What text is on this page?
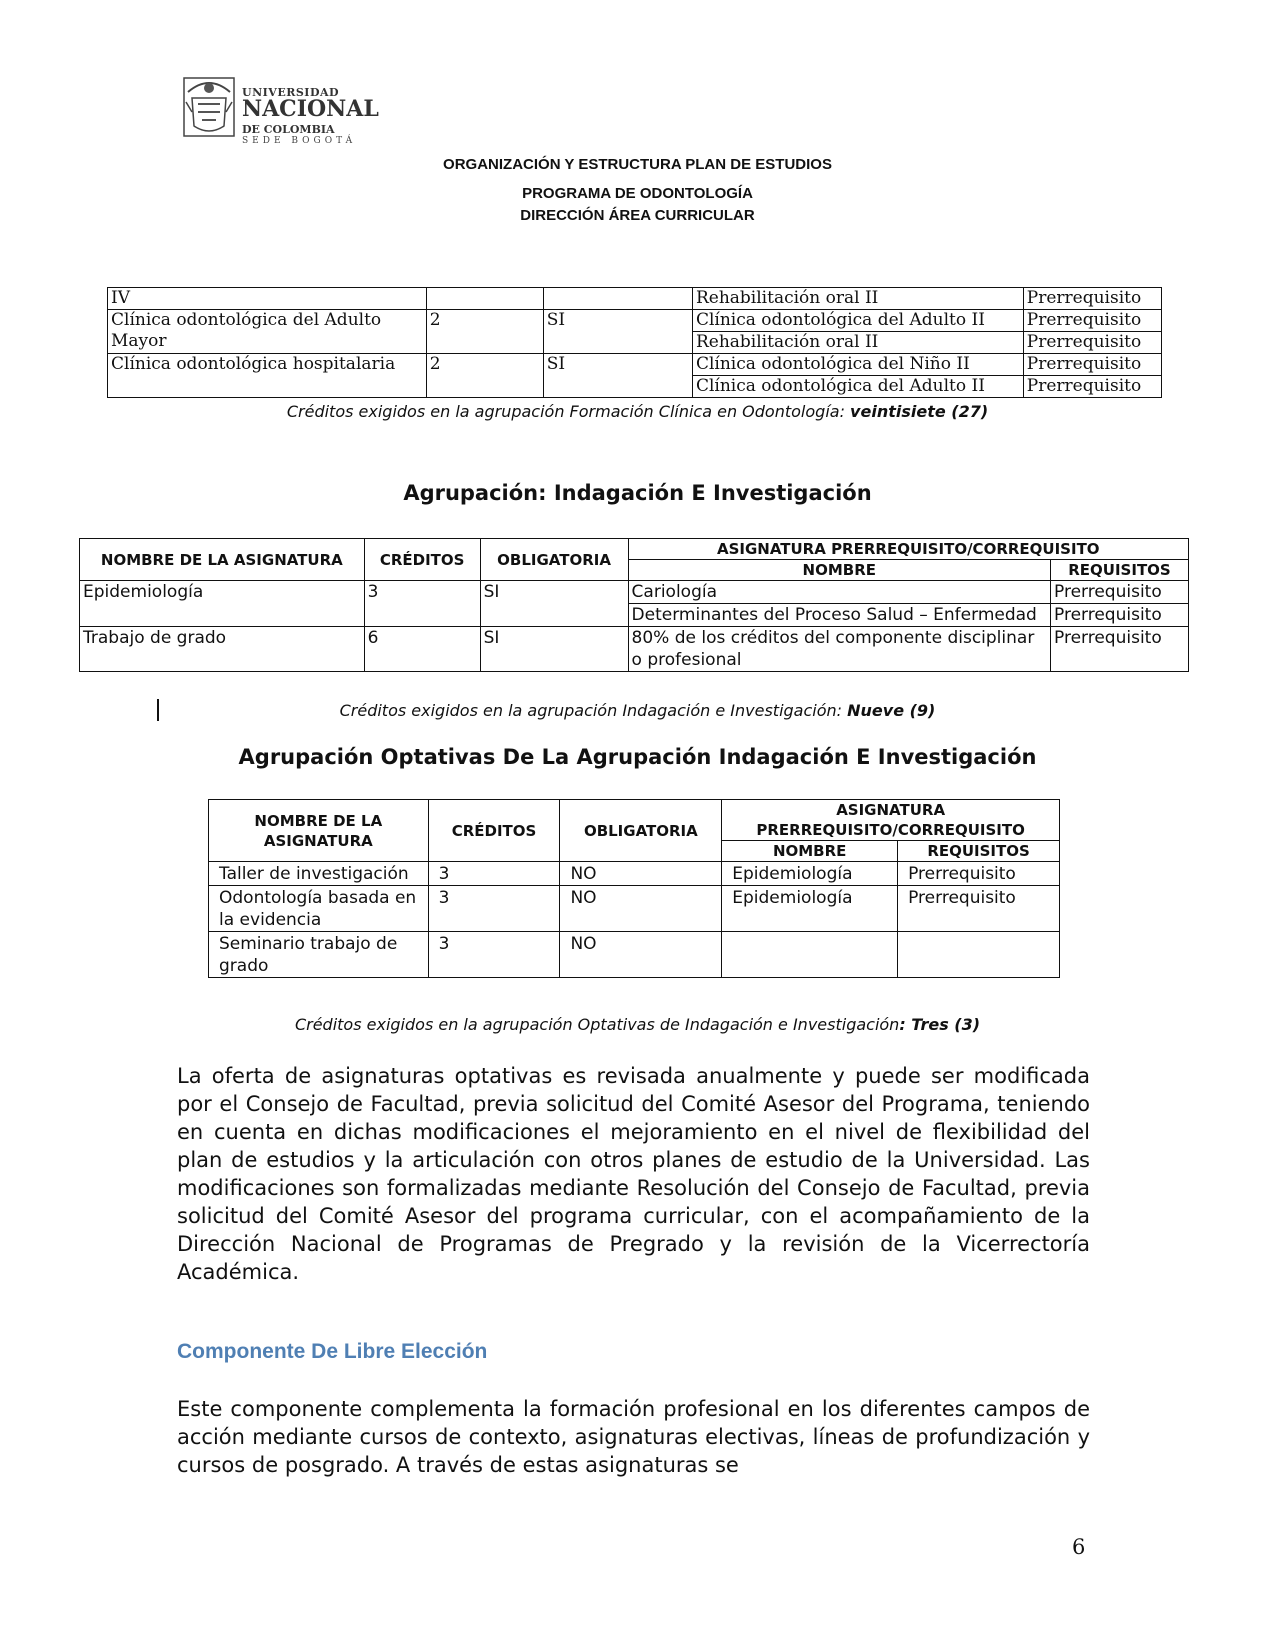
UNIVERSIDAD
NACIONAL
DE COLOMBIA
SEDE BOGOTÁ
ORGANIZACIÓN Y ESTRUCTURA PLAN DE ESTUDIOS
PROGRAMA DE ODONTOLOGÍA
DIRECCIÓN ÁREA CURRICULAR
IV			Rehabilitación oral II	Prerrequisito
Clínica odontológica del Adulto Mayor	2	SI	Clínica odontológica del Adulto II	Prerrequisito
			Rehabilitación oral II	Prerrequisito
Clínica odontológica hospitalaria	2	SI	Clínica odontológica del Niño II	Prerrequisito
			Clínica odontológica del Adulto II	Prerrequisito
Créditos exigidos en la agrupación Formación Clínica en Odontología: veintisiete (27)
Agrupación: Indagación E Investigación
NOMBRE DE LA ASIGNATURA	CRÉDITOS	OBLIGATORIA	ASIGNATURA PRERREQUISITO/CORREQUISITO	
			NOMBRE	REQUISITOS
Epidemiología	3	SI	Cariología	Prerrequisito
			Determinantes del Proceso Salud – Enfermedad	Prerrequisito
Trabajo de grado	6	SI	80% de los créditos del componente disciplinar o profesional	Prerrequisito
Créditos exigidos en la agrupación Indagación e Investigación: Nueve (9)
Agrupación Optativas De La Agrupación Indagación E Investigación
NOMBRE DE LA ASIGNATURA	CRÉDITOS	OBLIGATORIA	ASIGNATURA PRERREQUISITO/CORREQUISITO	
			NOMBRE	REQUISITOS
Taller de investigación	3	NO	Epidemiología	Prerrequisito
Odontología basada en la evidencia	3	NO	Epidemiología	Prerrequisito
Seminario trabajo de grado	3	NO		
Créditos exigidos en la agrupación Optativas de Indagación e Investigación: Tres (3)
La oferta de asignaturas optativas es revisada anualmente y puede ser modificada por el Consejo de Facultad, previa solicitud del Comité Asesor del Programa, teniendo en cuenta en dichas modificaciones el mejoramiento en el nivel de flexibilidad del plan de estudios y la articulación con otros planes de estudio de la Universidad. Las modificaciones son formalizadas mediante Resolución del Consejo de Facultad, previa solicitud del Comité Asesor del programa curricular, con el acompañamiento de la Dirección Nacional de Programas de Pregrado y la revisión de la Vicerrectoría Académica.
Componente De Libre Elección
Este componente complementa la formación profesional en los diferentes campos de acción mediante cursos de contexto, asignaturas electivas, líneas de profundización y cursos de posgrado. A través de estas asignaturas se
6
